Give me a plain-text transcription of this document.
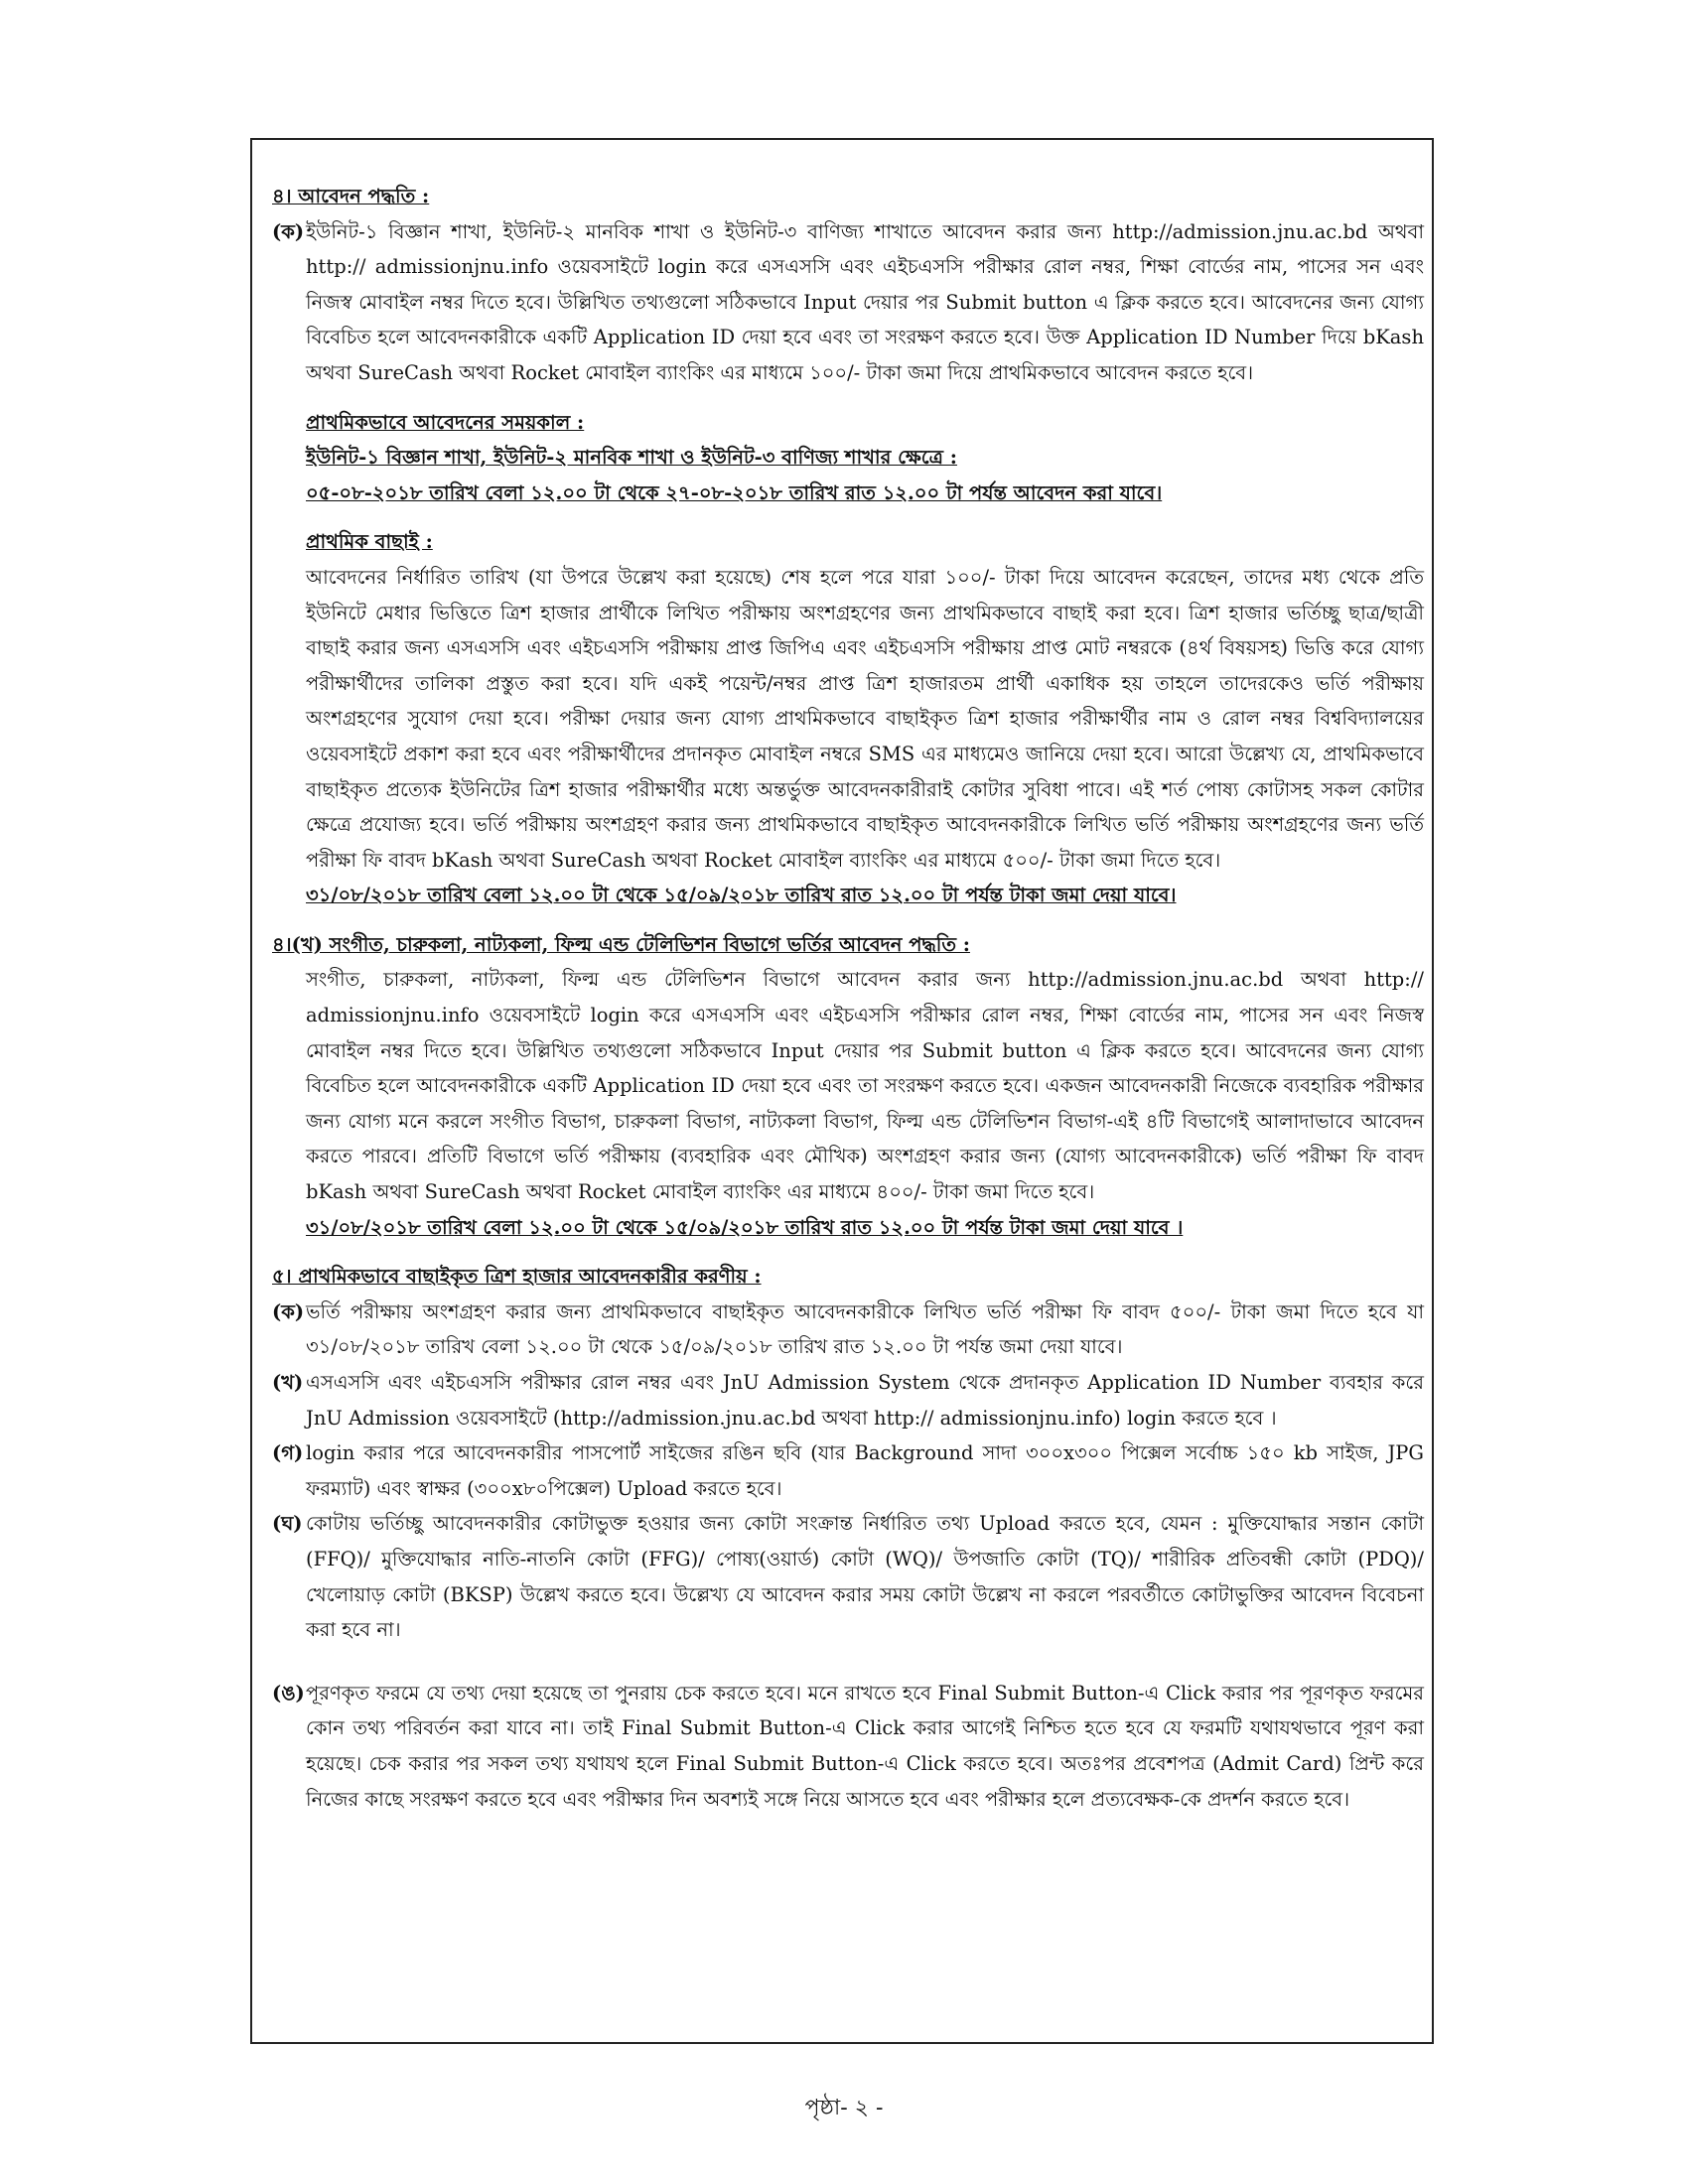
৪। আবেদন পদ্ধতি :

(ক) ইউনিট-১ বিজ্ঞান শাখা, ইউনিট-২ মানবিক শাখা ও ইউনিট-৩ বাণিজ্য শাখাতে আবেদন করার জন্য http://admission.jnu.ac.bd অথবা http:// admissionjnu.info ওয়েবসাইটে login করে এসএসসি এবং এইচএসসি পরীক্ষার রোল নম্বর, শিক্ষা বোর্ডের নাম, পাসের সন এবং নিজস্ব মোবাইল নম্বর দিতে হবে। উল্লিখিত তথ্যগুলো সঠিকভাবে Input দেয়ার পর Submit button এ ক্লিক করতে হবে। আবেদনের জন্য যোগ্য বিবেচিত হলে আবেদনকারীকে একটি Application ID দেয়া হবে এবং তা সংরক্ষণ করতে হবে। উক্ত Application ID Number দিয়ে bKash অথবা SureCash অথবা Rocket মোবাইল ব্যাংকিং এর মাধ্যমে ১০০/- টাকা জমা দিয়ে প্রাথমিকভাবে আবেদন করতে হবে।
প্রাথমিকভাবে আবেদনের সময়কাল :
ইউনিট-১ বিজ্ঞান শাখা, ইউনিট-২ মানবিক শাখা ও ইউনিট-৩ বাণিজ্য শাখার ক্ষেত্রে :
০৫-০৮-২০১৮ তারিখ বেলা ১২.০০ টা থেকে ২৭-০৮-২০১৮ তারিখ রাত ১২.০০ টা পর্যন্ত আবেদন করা যাবে।
প্রাথমিক বাছাই :
আবেদনের নির্ধারিত তারিখ (যা উপরে উল্লেখ করা হয়েছে) শেষ হলে পরে যারা ১০০/- টাকা দিয়ে আবেদন করেছেন, তাদের মধ্য থেকে প্রতি ইউনিটে মেধার ভিত্তিতে ত্রিশ হাজার প্রার্থীকে লিখিত পরীক্ষায় অংশগ্রহণের জন্য প্রাথমিকভাবে বাছাই করা হবে। ত্রিশ হাজার ভর্তিচ্ছু ছাত্র/ছাত্রী বাছাই করার জন্য এসএসসি এবং এইচএসসি পরীক্ষায় প্রাপ্ত জিপিএ এবং এইচএসসি পরীক্ষায় প্রাপ্ত মোট নম্বরকে (৪র্থ বিষয়সহ) ভিত্তি করে যোগ্য পরীক্ষার্থীদের তালিকা প্রস্তুত করা হবে। যদি একই পয়েন্ট/নম্বর প্রাপ্ত ত্রিশ হাজারতম প্রার্থী একাধিক হয় তাহলে তাদেরকেও ভর্তি পরীক্ষায় অংশগ্রহণের সুযোগ দেয়া হবে। পরীক্ষা দেয়ার জন্য যোগ্য প্রাথমিকভাবে বাছাইকৃত ত্রিশ হাজার পরীক্ষার্থীর নাম ও রোল নম্বর বিশ্ববিদ্যালয়ের ওয়েবসাইটে প্রকাশ করা হবে এবং পরীক্ষার্থীদের প্রদানকৃত মোবাইল নম্বরে SMS এর মাধ্যমেও জানিয়ে দেয়া হবে। আরো উল্লেখ্য যে, প্রাথমিকভাবে বাছাইকৃত প্রত্যেক ইউনিটের ত্রিশ হাজার পরীক্ষার্থীর মধ্যে অন্তর্ভুক্ত আবেদনকারীরাই কোটার সুবিধা পাবে। এই শর্ত পোষ্য কোটাসহ সকল কোটার ক্ষেত্রে প্রযোজ্য হবে। ভর্তি পরীক্ষায় অংশগ্রহণ করার জন্য প্রাথমিকভাবে বাছাইকৃত আবেদনকারীকে লিখিত ভর্তি পরীক্ষায় অংশগ্রহণের জন্য ভর্তি পরীক্ষা ফি বাবদ bKash অথবা SureCash অথবা Rocket মোবাইল ব্যাংকিং এর মাধ্যমে ৫০০/- টাকা জমা দিতে হবে।
৩১/০৮/২০১৮ তারিখ বেলা ১২.০০ টা থেকে ১৫/০৯/২০১৮ তারিখ রাত ১২.০০ টা পর্যন্ত টাকা জমা দেয়া যাবে।
৪।(খ) সংগীত, চারুকলা, নাট্যকলা, ফিল্ম এন্ড টেলিভিশন বিভাগে ভর্তির আবেদন পদ্ধতি :
সংগীত, চারুকলা, নাট্যকলা, ফিল্ম এন্ড টেলিভিশন বিভাগে আবেদন করার জন্য http://admission.jnu.ac.bd অথবা http:// admissionjnu.info ওয়েবসাইটে login করে এসএসসি এবং এইচএসসি পরীক্ষার রোল নম্বর, শিক্ষা বোর্ডের নাম, পাসের সন এবং নিজস্ব মোবাইল নম্বর দিতে হবে। উল্লিখিত তথ্যগুলো সঠিকভাবে Input দেয়ার পর Submit button এ ক্লিক করতে হবে। আবেদনের জন্য যোগ্য বিবেচিত হলে আবেদনকারীকে একটি Application ID দেয়া হবে এবং তা সংরক্ষণ করতে হবে। একজন আবেদনকারী নিজেকে ব্যবহারিক পরীক্ষার জন্য যোগ্য মনে করলে সংগীত বিভাগ, চারুকলা বিভাগ, নাট্যকলা বিভাগ, ফিল্ম এন্ড টেলিভিশন বিভাগ-এই ৪টি বিভাগেই আলাদাভাবে আবেদন করতে পারবে। প্রতিটি বিভাগে ভর্তি পরীক্ষায় (ব্যবহারিক এবং মৌখিক) অংশগ্রহণ করার জন্য (যোগ্য আবেদনকারীকে) ভর্তি পরীক্ষা ফি বাবদ bKash অথবা SureCash অথবা Rocket মোবাইল ব্যাংকিং এর মাধ্যমে ৪০০/- টাকা জমা দিতে হবে।
৩১/০৮/২০১৮ তারিখ বেলা ১২.০০ টা থেকে ১৫/০৯/২০১৮ তারিখ রাত ১২.০০ টা পর্যন্ত টাকা জমা দেয়া যাবে ।
৫। প্রাথমিকভাবে বাছাইকৃত ত্রিশ হাজার আবেদনকারীর করণীয় :
(ক) ভর্তি পরীক্ষায় অংশগ্রহণ করার জন্য প্রাথমিকভাবে বাছাইকৃত আবেদনকারীকে লিখিত ভর্তি পরীক্ষা ফি বাবদ ৫০০/- টাকা জমা দিতে হবে যা ৩১/০৮/২০১৮ তারিখ বেলা ১২.০০ টা থেকে ১৫/০৯/২০১৮ তারিখ রাত ১২.০০ টা পর্যন্ত জমা দেয়া যাবে।
(খ) এসএসসি এবং এইচএসসি পরীক্ষার রোল নম্বর এবং JnU Admission System থেকে প্রদানকৃত Application ID Number ব্যবহার করে JnU Admission ওয়েবসাইটে (http://admission.jnu.ac.bd অথবা http:// admissionjnu.info) login করতে হবে ।
(গ) login করার পরে আবেদনকারীর পাসপোর্ট সাইজের রঙিন ছবি (যার Background সাদা ৩০০x৩০০ পিক্সেল সর্বোচ্চ ১৫০ kb সাইজ, JPG ফরম্যাট) এবং স্বাক্ষর (৩০০x৮০পিক্সেল) Upload করতে হবে।
(ঘ) কোটায় ভর্তিচ্ছু আবেদনকারীর কোটাভুক্ত হওয়ার জন্য কোটা সংক্রান্ত নির্ধারিত তথ্য Upload করতে হবে, যেমন : মুক্তিযোদ্ধার সন্তান কোটা (FFQ)/ মুক্তিযোদ্ধার নাতি-নাতনি কোটা (FFG)/ পোষ্য(ওয়ার্ড) কোটা (WQ)/ উপজাতি কোটা (TQ)/ শারীরিক প্রতিবন্ধী কোটা (PDQ)/ খেলোয়াড় কোটা (BKSP) উল্লেখ করতে হবে। উল্লেখ্য যে আবেদন করার সময় কোটা উল্লেখ না করলে পরবর্তীতে কোটাভুক্তির আবেদন বিবেচনা করা হবে না।
(ঙ) পূরণকৃত ফরমে যে তথ্য দেয়া হয়েছে তা পুনরায় চেক করতে হবে। মনে রাখতে হবে Final Submit Button-এ Click করার পর পূরণকৃত ফরমের কোন তথ্য পরিবর্তন করা যাবে না। তাই Final Submit Button-এ Click করার আগেই নিশ্চিত হতে হবে যে ফরমটি যথাযথভাবে পূরণ করা হয়েছে। চেক করার পর সকল তথ্য যথাযথ হলে Final Submit Button-এ Click করতে হবে। অতঃপর প্রবেশপত্র (Admit Card) প্রিন্ট করে নিজের কাছে সংরক্ষণ করতে হবে এবং পরীক্ষার দিন অবশ্যই সঙ্গে নিয়ে আসতে হবে এবং পরীক্ষার হলে প্রত্যবেক্ষক-কে প্রদর্শন করতে হবে।
পৃষ্ঠা- ২ -
